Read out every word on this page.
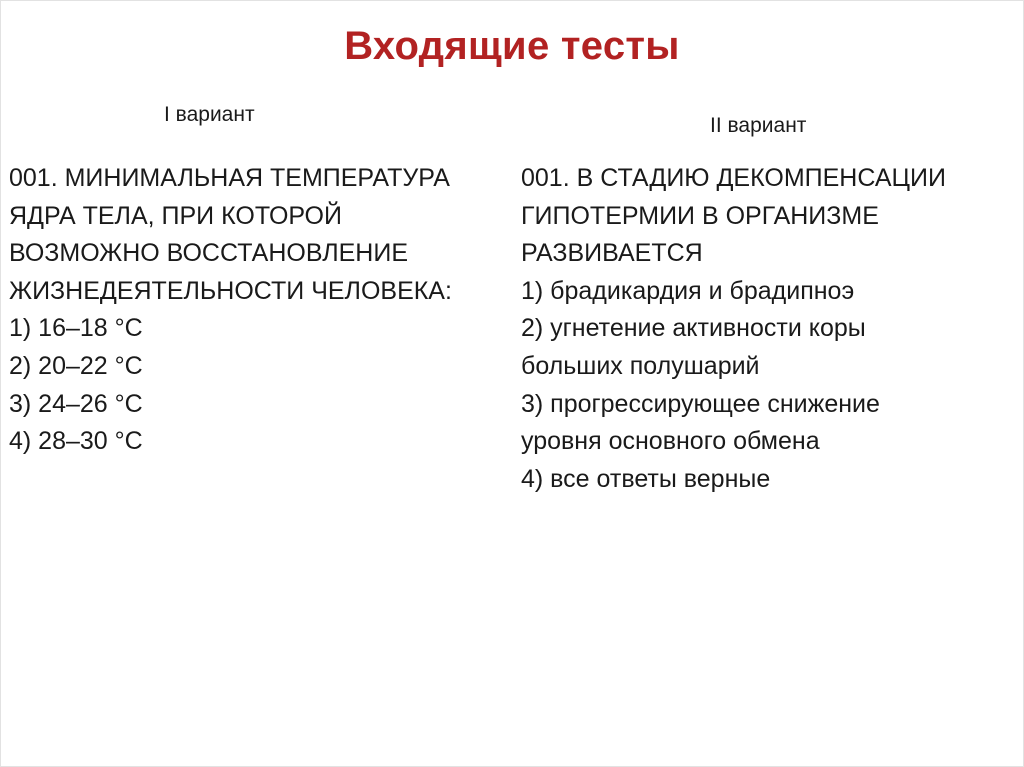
Входящие тесты
I вариант	II вариант
001. МИНИМАЛЬНАЯ ТЕМПЕРАТУРА
ЯДРА ТЕЛА, ПРИ КОТОРОЙ
ВОЗМОЖНО ВОССТАНОВЛЕНИЕ
ЖИЗНЕДЕЯТЕЛЬНОСТИ ЧЕЛОВЕКА:
1) 16–18 °C
2) 20–22 °C
3) 24–26 °C
4) 28–30 °C
001. В СТАДИЮ ДЕКОМПЕНСАЦИИ
ГИПОТЕРМИИ В ОРГАНИЗМЕ
РАЗВИВАЕТСЯ
1) брадикардия и брадипноэ
2) угнетение активности коры
больших полушарий
3) прогрессирующее снижение
уровня основного обмена
4) все ответы верные
